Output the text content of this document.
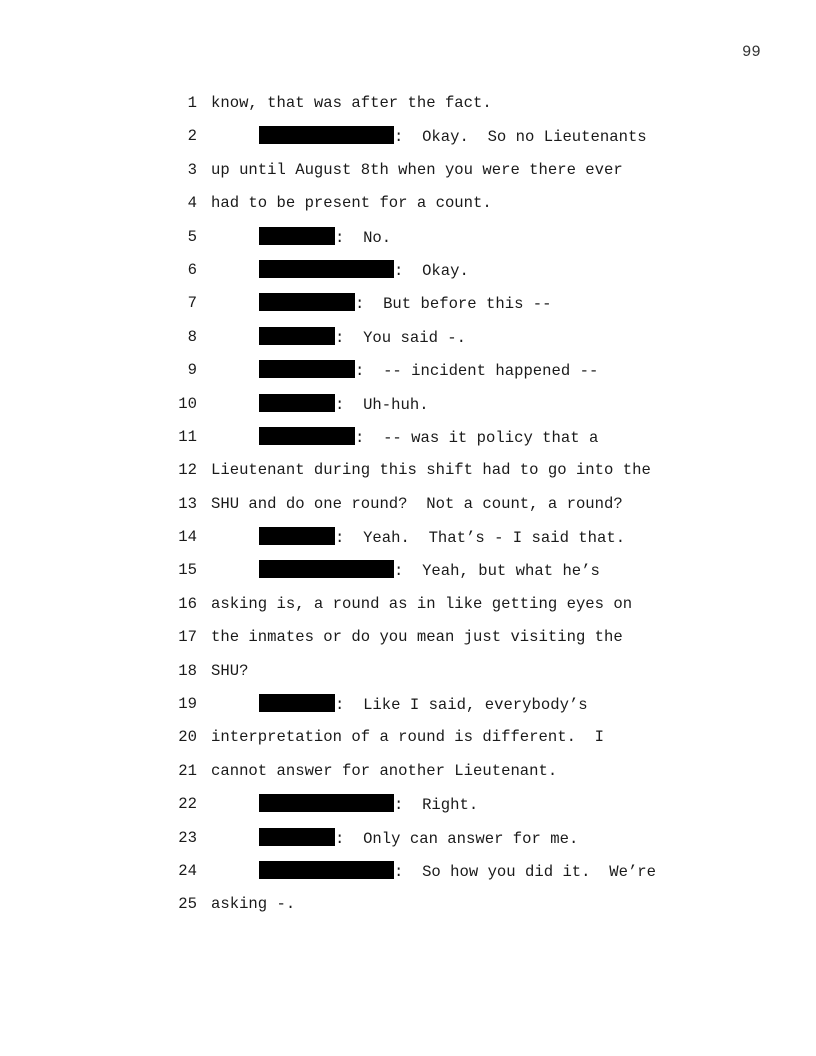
99
1 know, that was after the fact.
2	:  Okay.  So no Lieutenants
3 up until August 8th when you were there ever
4 had to be present for a count.
5	:  No.
6	:  Okay.
7	:  But before this --
8	:  You said -.
9	:  -- incident happened --
10	:  Uh-huh.
11	:  -- was it policy that a
12 Lieutenant during this shift had to go into the
13 SHU and do one round?  Not a count, a round?
14	:  Yeah.  That’s - I said that.
15	:  Yeah, but what he’s
16 asking is, a round as in like getting eyes on
17 the inmates or do you mean just visiting the
18 SHU?
19	:  Like I said, everybody’s
20 interpretation of a round is different.  I
21 cannot answer for another Lieutenant.
22	:  Right.
23	:  Only can answer for me.
24	:  So how you did it.  We’re
25 asking -.
